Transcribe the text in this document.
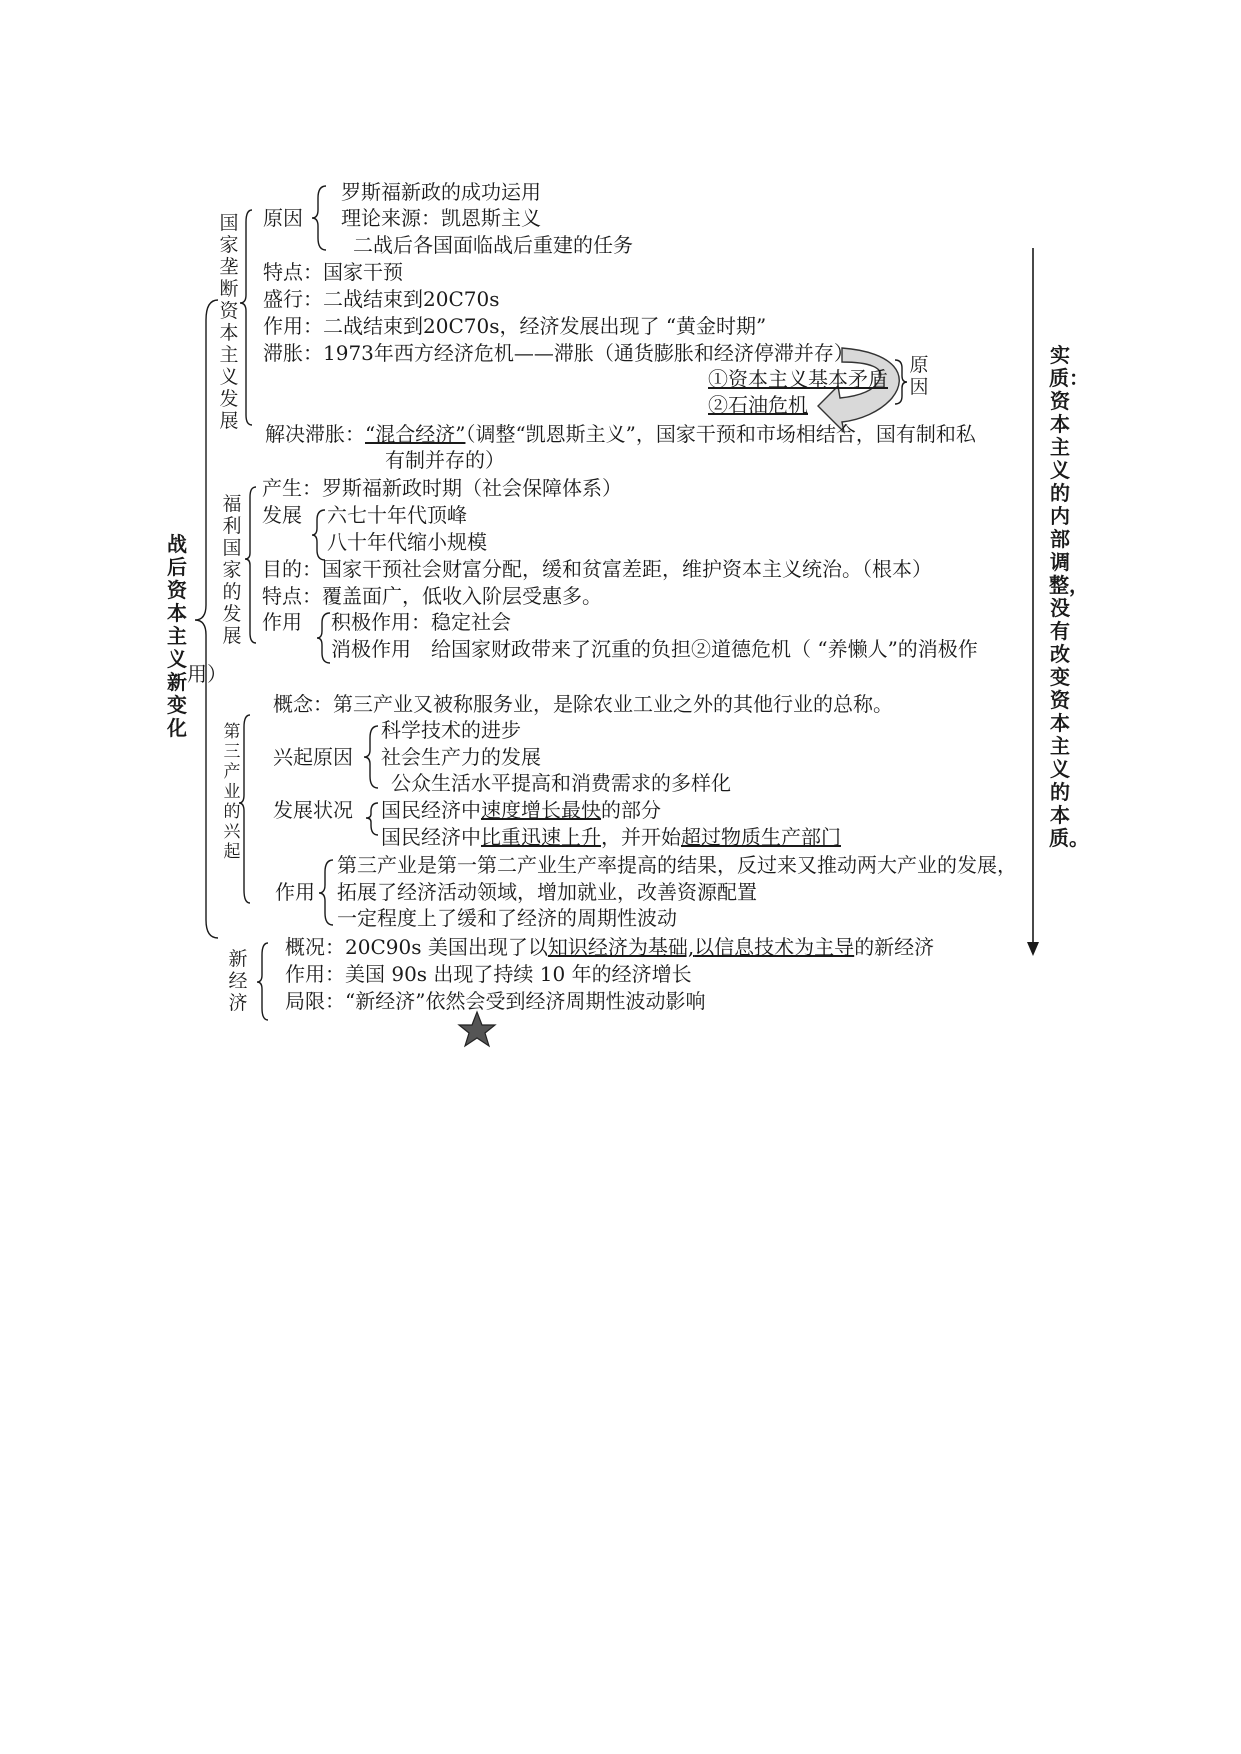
战后资本主义新变化
实质：资本主义的内部调整，没有改变资本主义的本质。
国家垄断资本主义发展
原因
罗斯福新政的成功运用
理论来源：凯恩斯主义
二战后各国面临战后重建的任务
特点：国家干预
盛行：二战结束到20C70s
作用：二战结束到20C70s，经济发展出现了 “黄金时期”
滞胀：1973年西方经济危机——滞胀（通货膨胀和经济停滞并存）
①资本主义基本矛盾
②石油危机
原因
解决滞胀：“混合经济”（调整“凯恩斯主义”，国家干预和市场相结合，国有制和私
有制并存的）
福利国家的发展
产生：罗斯福新政时期（社会保障体系）
发展 六七十年代顶峰
八十年代缩小规模
目的：国家干预社会财富分配，缓和贫富差距，维护资本主义统治。（根本）
特点：覆盖面广，低收入阶层受惠多。
作用 积极作用：稳定社会
消极作用　给国家财政带来了沉重的负担②道德危机（ “养懒人”的消极作
用）
第三产业的兴起
概念：第三产业又被称服务业，是除农业工业之外的其他行业的总称。
兴起原因
科学技术的进步
社会生产力的发展
公众生活水平提高和消费需求的多样化
发展状况 国民经济中速度增长最快的部分
国民经济中比重迅速上升，并开始超过物质生产部门
作用
第三产业是第一第二产业生产率提高的结果，反过来又推动两大产业的发展，
拓展了经济活动领域，增加就业，改善资源配置
一定程度上了缓和了经济的周期性波动
新经济
概况：20C90s 美国出现了以知识经济为基础,以信息技术为主导的新经济
作用：美国 90s 出现了持续 10 年的经济增长
局限：“新经济”依然会受到经济周期性波动影响
